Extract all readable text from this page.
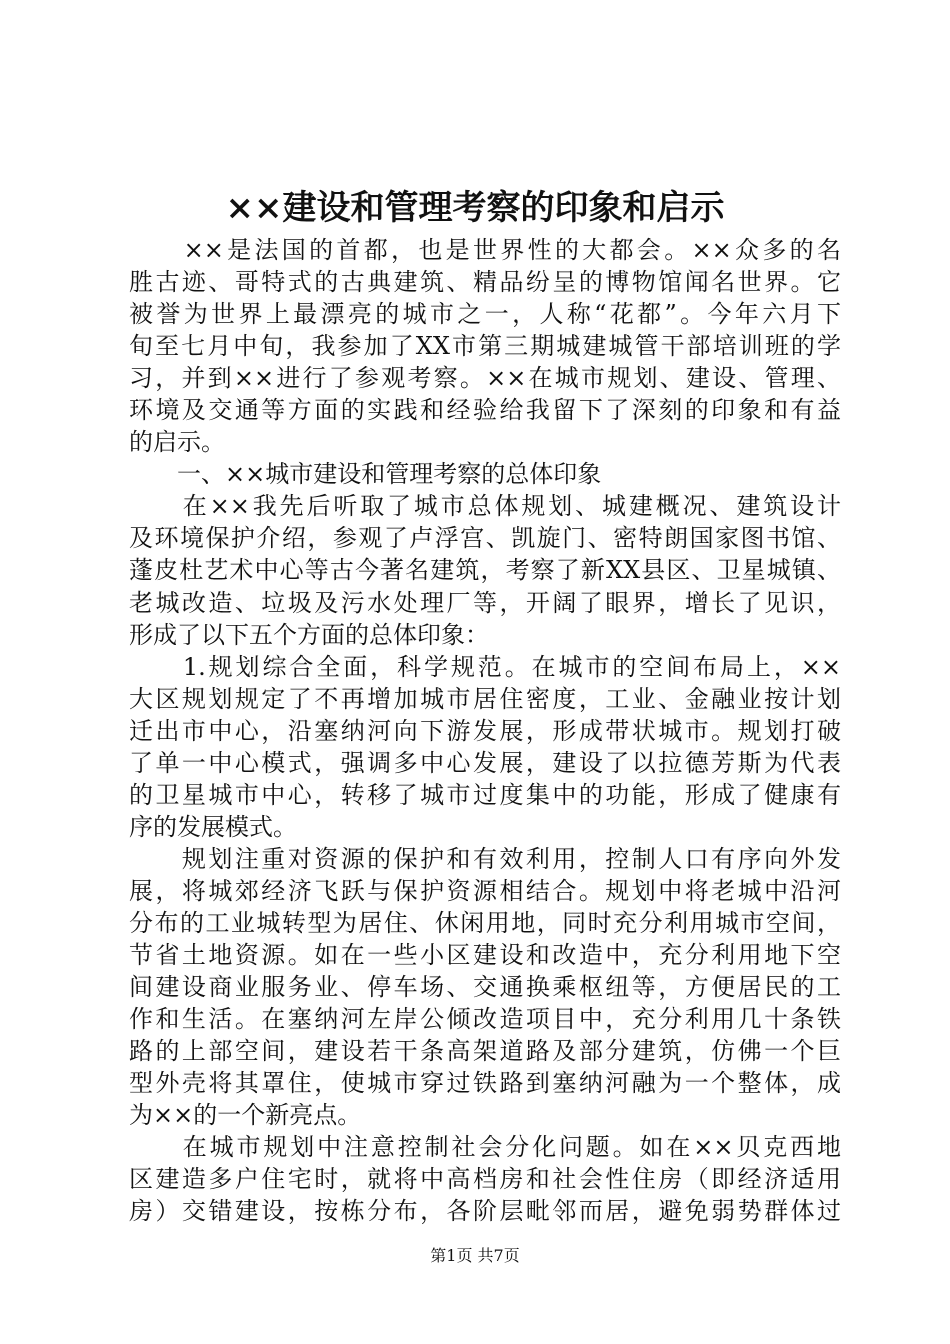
××建设和管理考察的印象和启示
　　××是法国的首都，也是世界性的大都会。××众多的名
胜古迹、哥特式的古典建筑、精品纷呈的博物馆闻名世界。它
被誉为世界上最漂亮的城市之一，人称“花都”。今年六月下
旬至七月中旬，我参加了XX市第三期城建城管干部培训班的学
习，并到××进行了参观考察。××在城市规划、建设、管理、
环境及交通等方面的实践和经验给我留下了深刻的印象和有益
的启示。
　　一、××城市建设和管理考察的总体印象
　　在××我先后听取了城市总体规划、城建概况、建筑设计
及环境保护介绍，参观了卢浮宫、凯旋门、密特朗国家图书馆、
蓬皮杜艺术中心等古今著名建筑，考察了新XX县区、卫星城镇、
老城改造、垃圾及污水处理厂等，开阔了眼界，增长了见识，
形成了以下五个方面的总体印象：
　　1.规划综合全面，科学规范。在城市的空间布局上，××
大区规划规定了不再增加城市居住密度，工业、金融业按计划
迁出市中心，沿塞纳河向下游发展，形成带状城市。规划打破
了单一中心模式，强调多中心发展，建设了以拉德芳斯为代表
的卫星城市中心，转移了城市过度集中的功能，形成了健康有
序的发展模式。
　　规划注重对资源的保护和有效利用，控制人口有序向外发
展，将城郊经济飞跃与保护资源相结合。规划中将老城中沿河
分布的工业城转型为居住、休闲用地，同时充分利用城市空间，
节省土地资源。如在一些小区建设和改造中，充分利用地下空
间建设商业服务业、停车场、交通换乘枢纽等，方便居民的工
作和生活。在塞纳河左岸公倾改造项目中，充分利用几十条铁
路的上部空间，建设若干条高架道路及部分建筑，仿佛一个巨
型外壳将其罩住，使城市穿过铁路到塞纳河融为一个整体，成
为××的一个新亮点。
　　在城市规划中注意控制社会分化问题。如在××贝克西地
区建造多户住宅时，就将中高档房和社会性住房（即经济适用
房）交错建设，按栋分布，各阶层毗邻而居，避免弱势群体过
第1页 共7页
